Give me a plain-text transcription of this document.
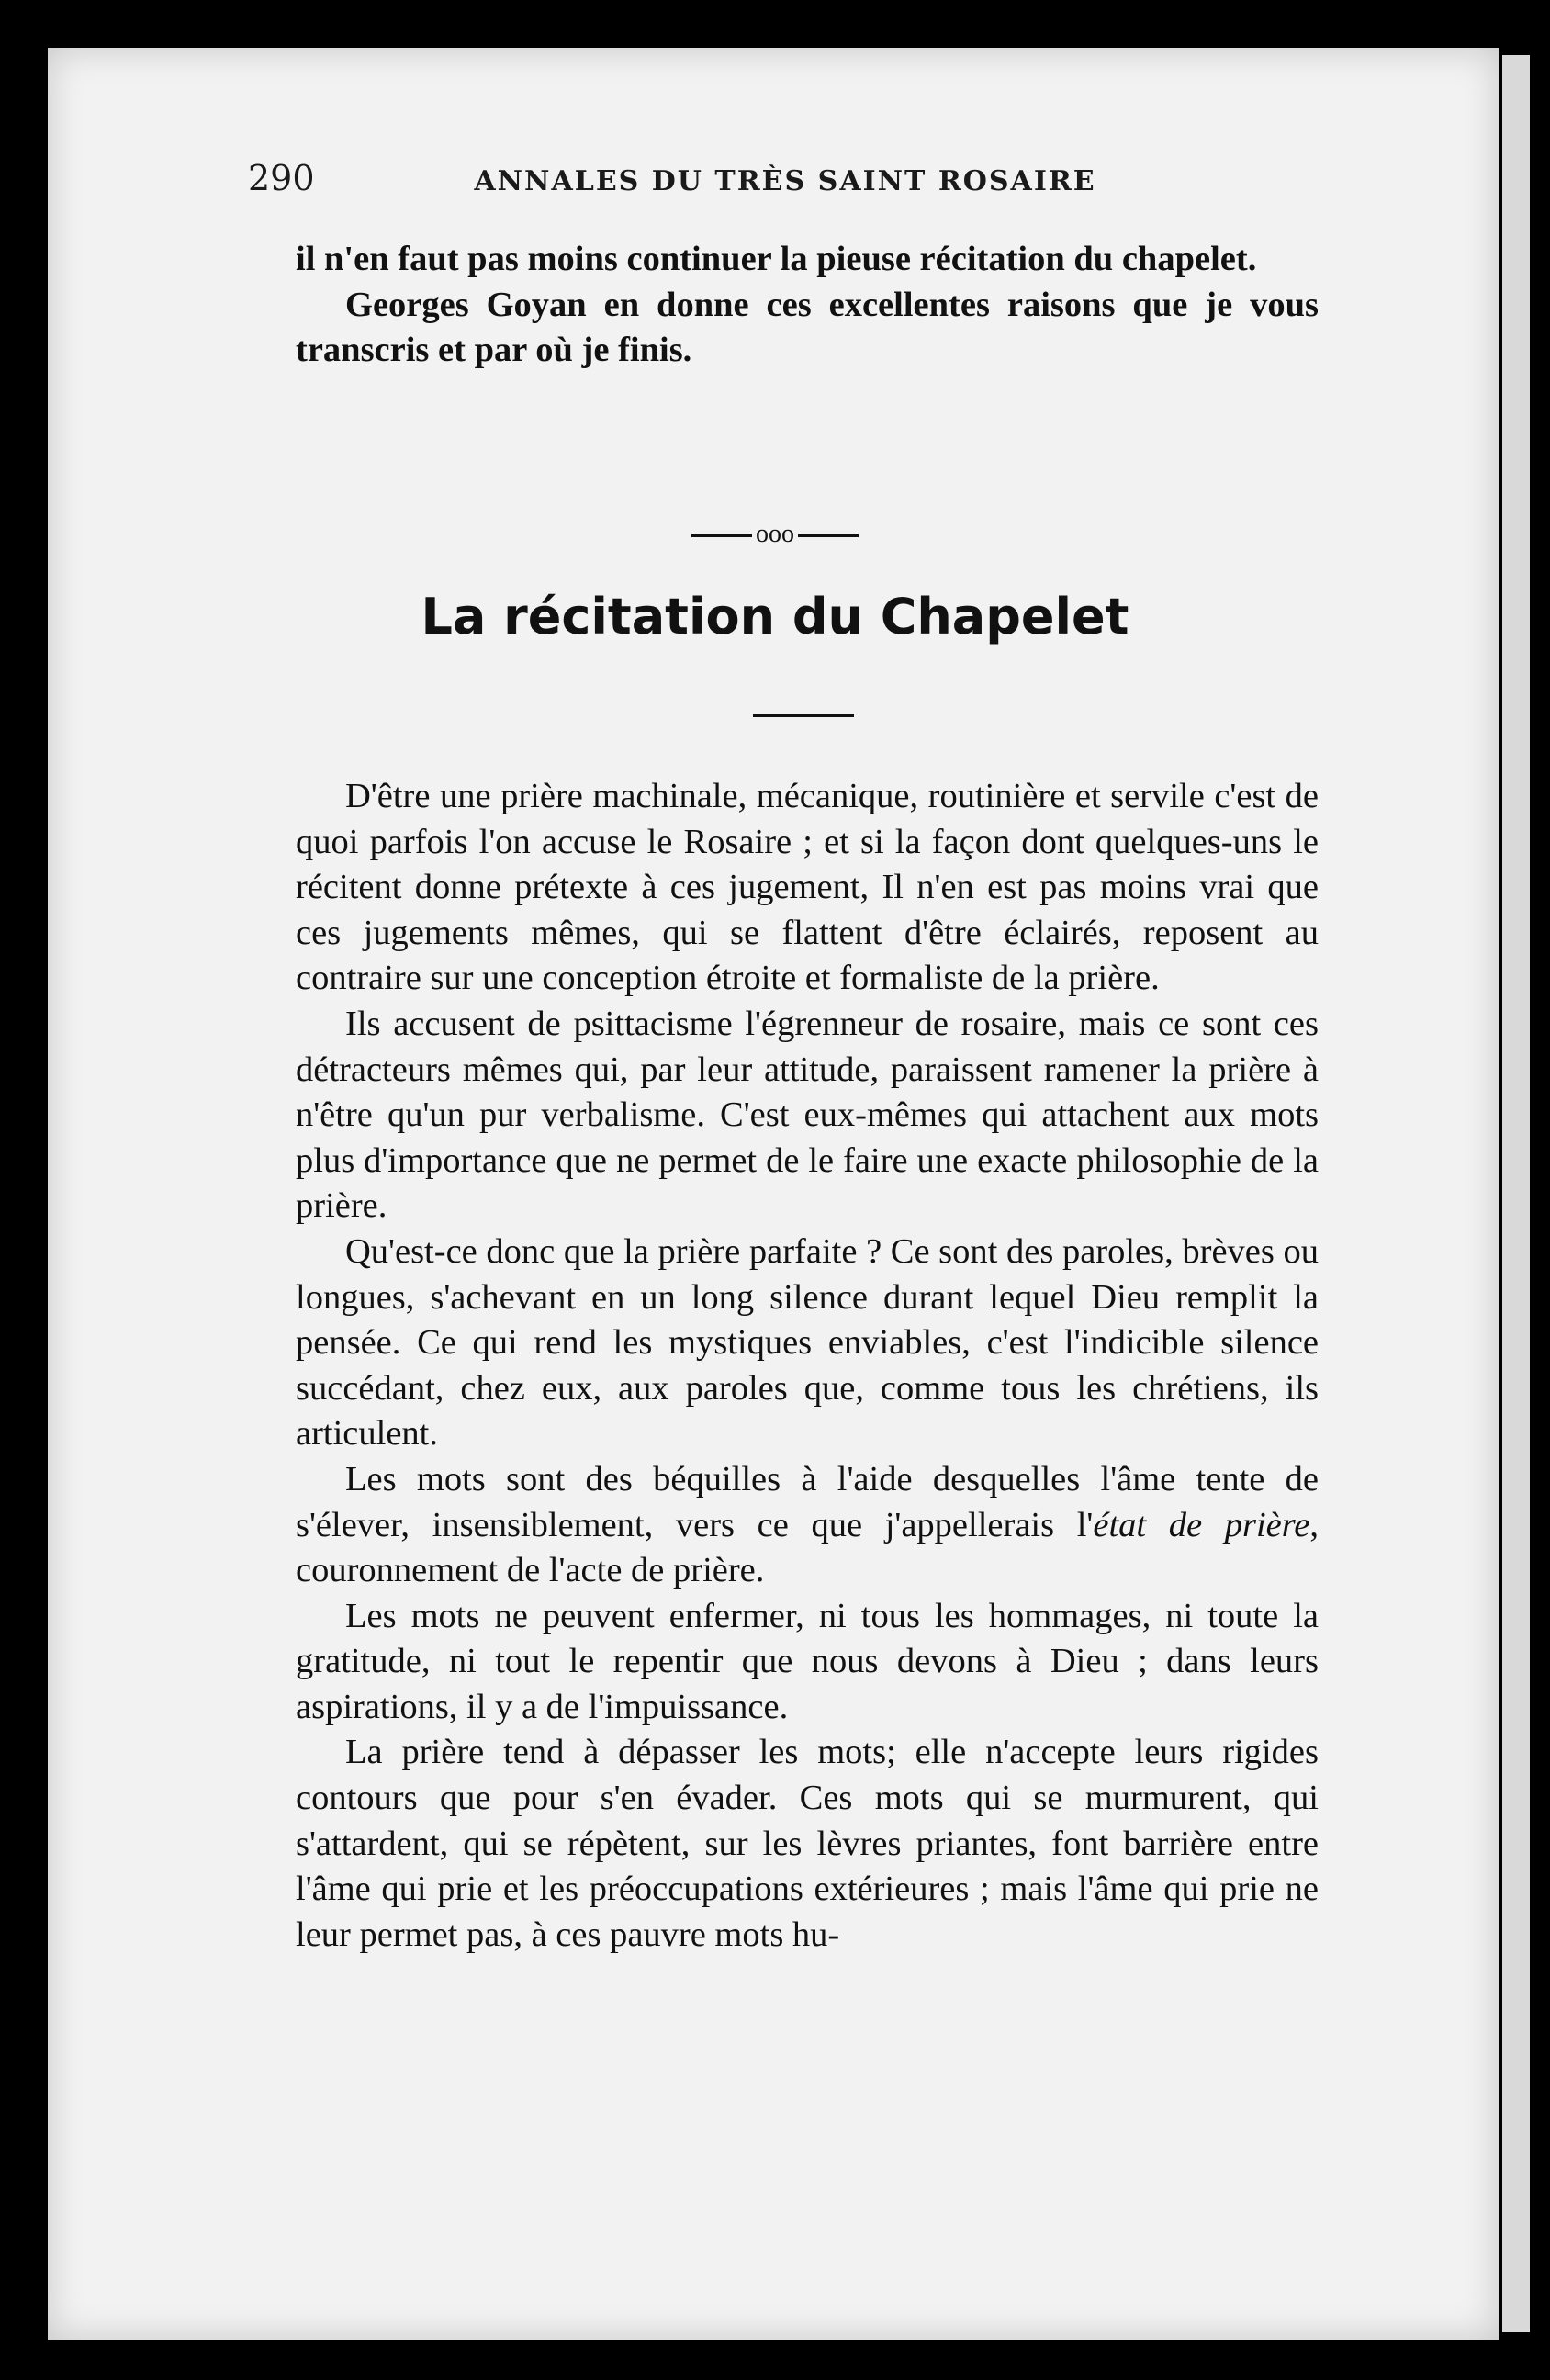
290	ANNALES DU TRÈS SAINT ROSAIRE

il n'en faut pas moins continuer la pieuse récitation du chapelet.

Georges Goyan en donne ces excellentes raisons que je vous transcris et par où je finis.

ooo
La récitation du Chapelet

D'être une prière machinale, mécanique, routinière et servile c'est de quoi parfois l'on accuse le Rosaire ; et si la façon dont quelques-uns le récitent donne prétexte à ces jugement, Il n'en est pas moins vrai que ces jugements mêmes, qui se flattent d'être éclairés, reposent au contraire sur une conception étroite et formaliste de la prière.

Ils accusent de psittacisme l'égrenneur de rosaire, mais ce sont ces détracteurs mêmes qui, par leur attitude, paraissent ramener la prière à n'être qu'un pur verbalisme. C'est eux-mêmes qui attachent aux mots plus d'importance que ne permet de le faire une exacte philosophie de la prière.

Qu'est-ce donc que la prière parfaite ? Ce sont des paroles, brèves ou longues, s'achevant en un long silence durant lequel Dieu remplit la pensée. Ce qui rend les mystiques enviables, c'est l'indicible silence succédant, chez eux, aux paroles que, comme tous les chrétiens, ils articulent.

Les mots sont des béquilles à l'aide desquelles l'âme tente de s'élever, insensiblement, vers ce que j'appellerais l'état de prière, couronnement de l'acte de prière.

Les mots ne peuvent enfermer, ni tous les hommages, ni toute la gratitude, ni tout le repentir que nous devons à Dieu ; dans leurs aspirations, il y a de l'impuissance.

La prière tend à dépasser les mots; elle n'accepte leurs rigides contours que pour s'en évader. Ces mots qui se murmurent, qui s'attardent, qui se répètent, sur les lèvres priantes, font barrière entre l'âme qui prie et les préoccupations extérieures ; mais l'âme qui prie ne leur permet pas, à ces pauvre mots hu-
